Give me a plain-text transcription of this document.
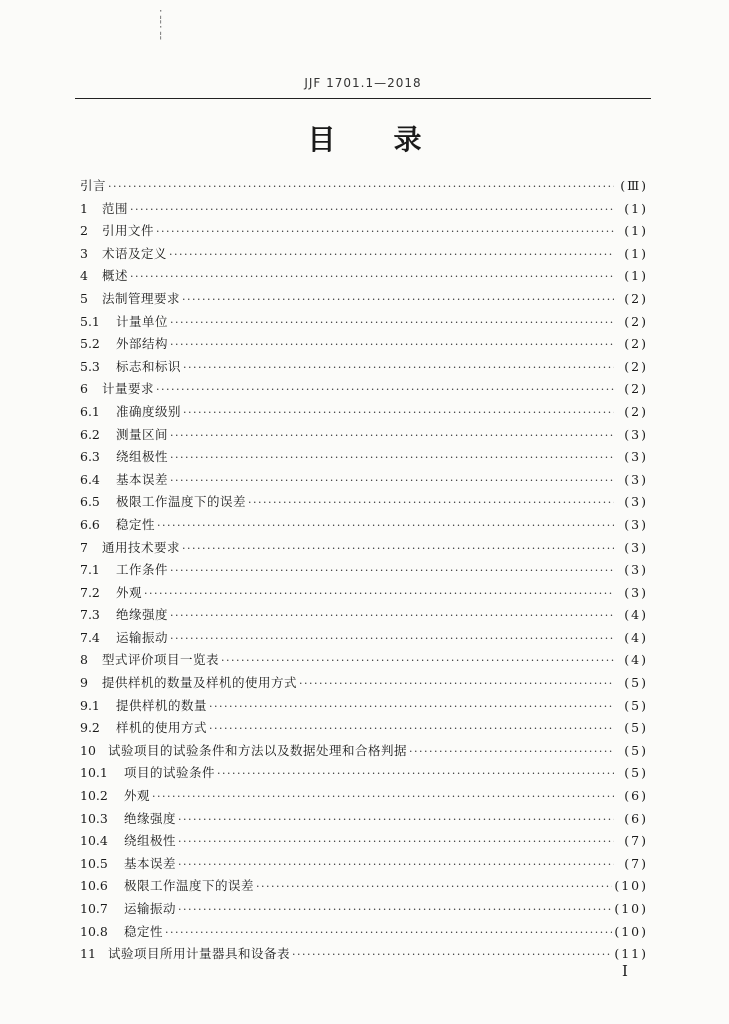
·
¦
·
¦
JJF 1701.1—2018
目录
引言 ·····	(Ⅲ)
1	范围 ·····	(1)
2	引用文件 ·····	(1)
3	术语及定义 ·····	(1)
4	概述 ·····	(1)
5	法制管理要求 ·····	(2)
5.1	计量单位 ·····	(2)
5.2	外部结构 ·····	(2)
5.3	标志和标识 ·····	(2)
6	计量要求 ·····	(2)
6.1	准确度级别 ·····	(2)
6.2	测量区间 ·····	(3)
6.3	绕组极性 ·····	(3)
6.4	基本误差 ·····	(3)
6.5	极限工作温度下的误差 ·····	(3)
6.6	稳定性 ·····	(3)
7	通用技术要求 ·····	(3)
7.1	工作条件 ·····	(3)
7.2	外观 ·····	(3)
7.3	绝缘强度 ·····	(4)
7.4	运输振动 ·····	(4)
8	型式评价项目一览表 ·····	(4)
9	提供样机的数量及样机的使用方式 ·····	(5)
9.1	提供样机的数量 ·····	(5)
9.2	样机的使用方式 ·····	(5)
10 试验项目的试验条件和方法以及数据处理和合格判据 ·····	(5)
10.1	项目的试验条件 ·····	(5)
10.2	外观 ·····	(6)
10.3	绝缘强度 ·····	(6)
10.4	绕组极性 ·····	(7)
10.5	基本误差 ·····	(7)
10.6	极限工作温度下的误差 ·····	(10)
10.7	运输振动 ·····	(10)
10.8	稳定性 ·····	(10)
11 试验项目所用计量器具和设备表 ·····	(11)
I
